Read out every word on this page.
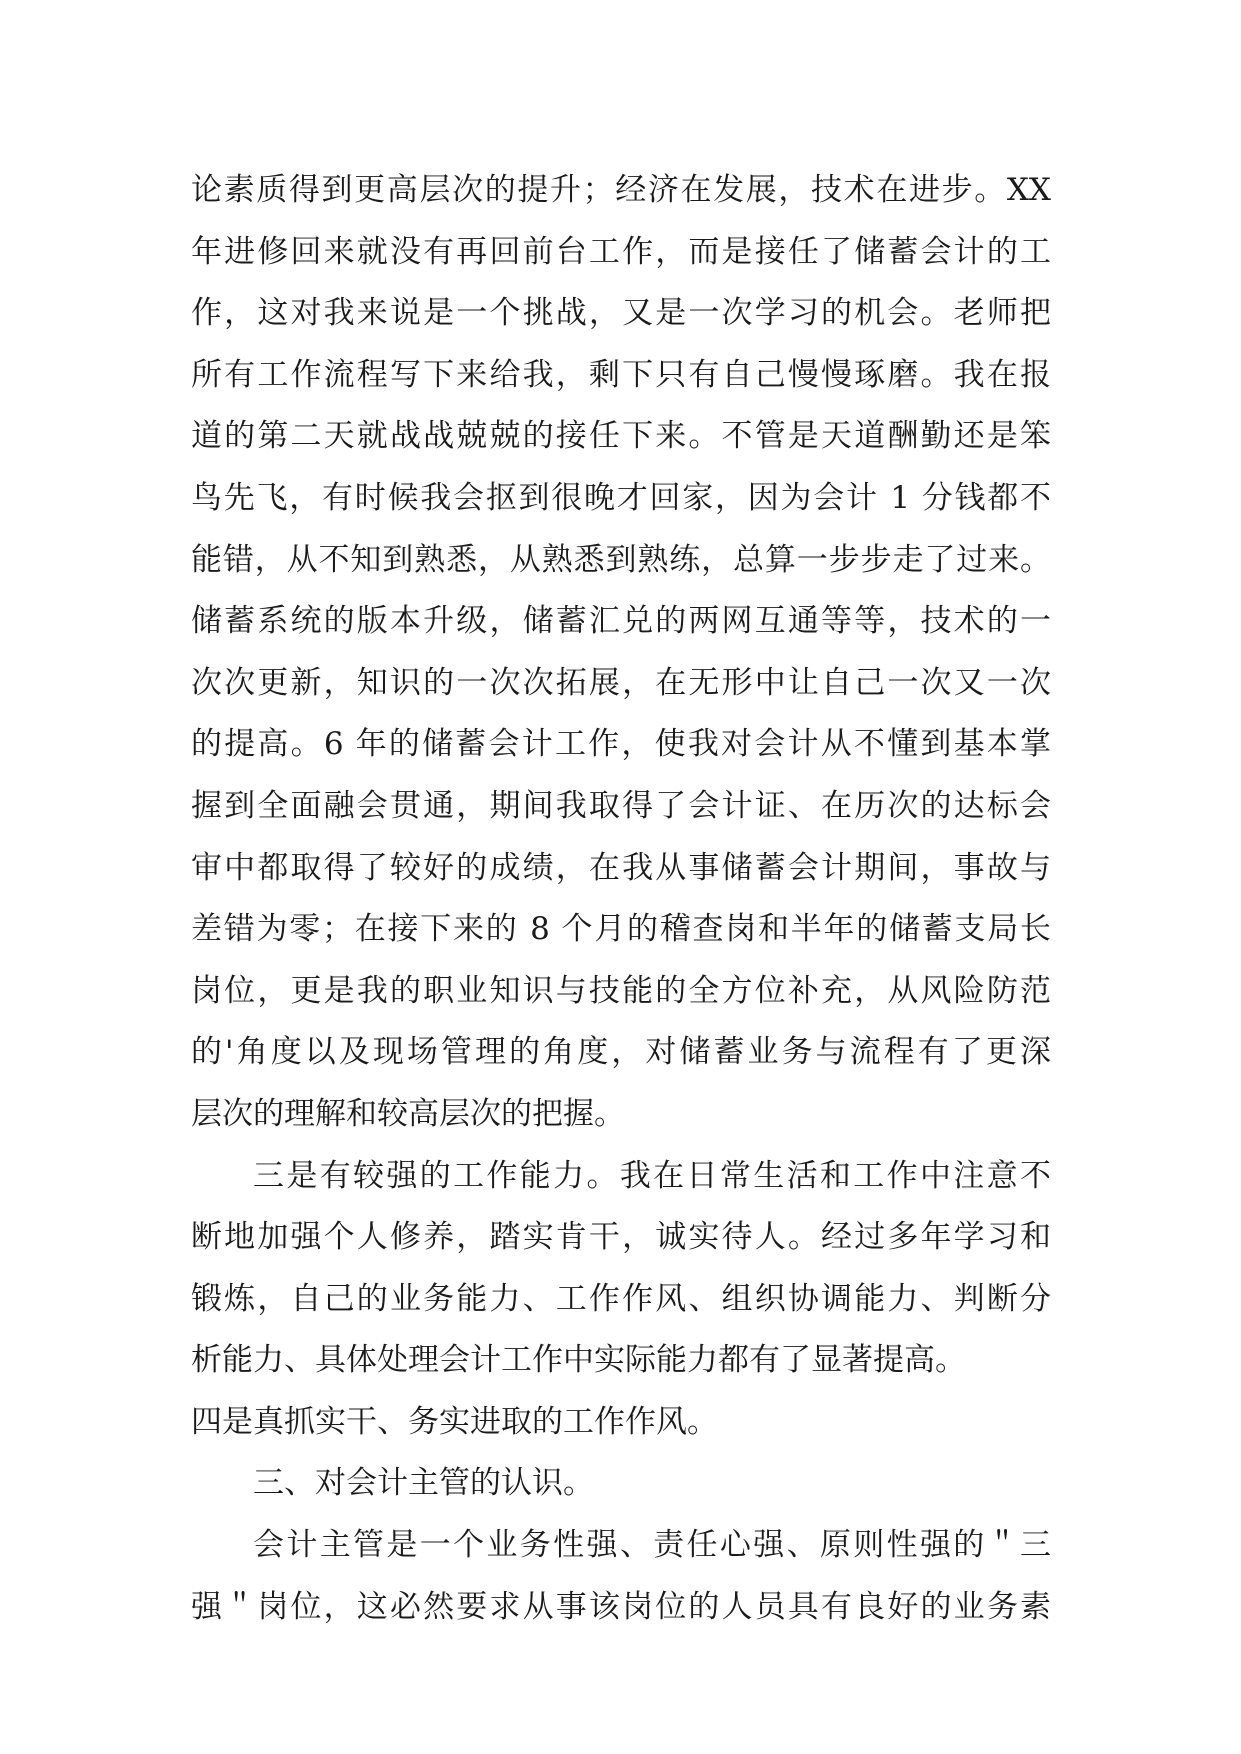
论素质得到更高层次的提升；经济在发展，技术在进步。XX
年进修回来就没有再回前台工作，而是接任了储蓄会计的工
作，这对我来说是一个挑战，又是一次学习的机会。老师把
所有工作流程写下来给我，剩下只有自己慢慢琢磨。我在报
道的第二天就战战兢兢的接任下来。不管是天道酬勤还是笨
鸟先飞，有时候我会抠到很晚才回家，因为会计 1 分钱都不
能错，从不知到熟悉，从熟悉到熟练，总算一步步走了过来。
储蓄系统的版本升级，储蓄汇兑的两网互通等等，技术的一
次次更新，知识的一次次拓展，在无形中让自己一次又一次
的提高。6 年的储蓄会计工作，使我对会计从不懂到基本掌
握到全面融会贯通，期间我取得了会计证、在历次的达标会
审中都取得了较好的成绩，在我从事储蓄会计期间，事故与
差错为零；在接下来的 8 个月的稽查岗和半年的储蓄支局长
岗位，更是我的职业知识与技能的全方位补充，从风险防范
的'角度以及现场管理的角度，对储蓄业务与流程有了更深
层次的理解和较高层次的把握。
三是有较强的工作能力。我在日常生活和工作中注意不
断地加强个人修养，踏实肯干，诚实待人。经过多年学习和
锻炼，自己的业务能力、工作作风、组织协调能力、判断分
析能力、具体处理会计工作中实际能力都有了显著提高。
四是真抓实干、务实进取的工作作风。
三、对会计主管的认识。
会计主管是一个业务性强、责任心强、原则性强的＂三
强＂岗位，这必然要求从事该岗位的人员具有良好的业务素
